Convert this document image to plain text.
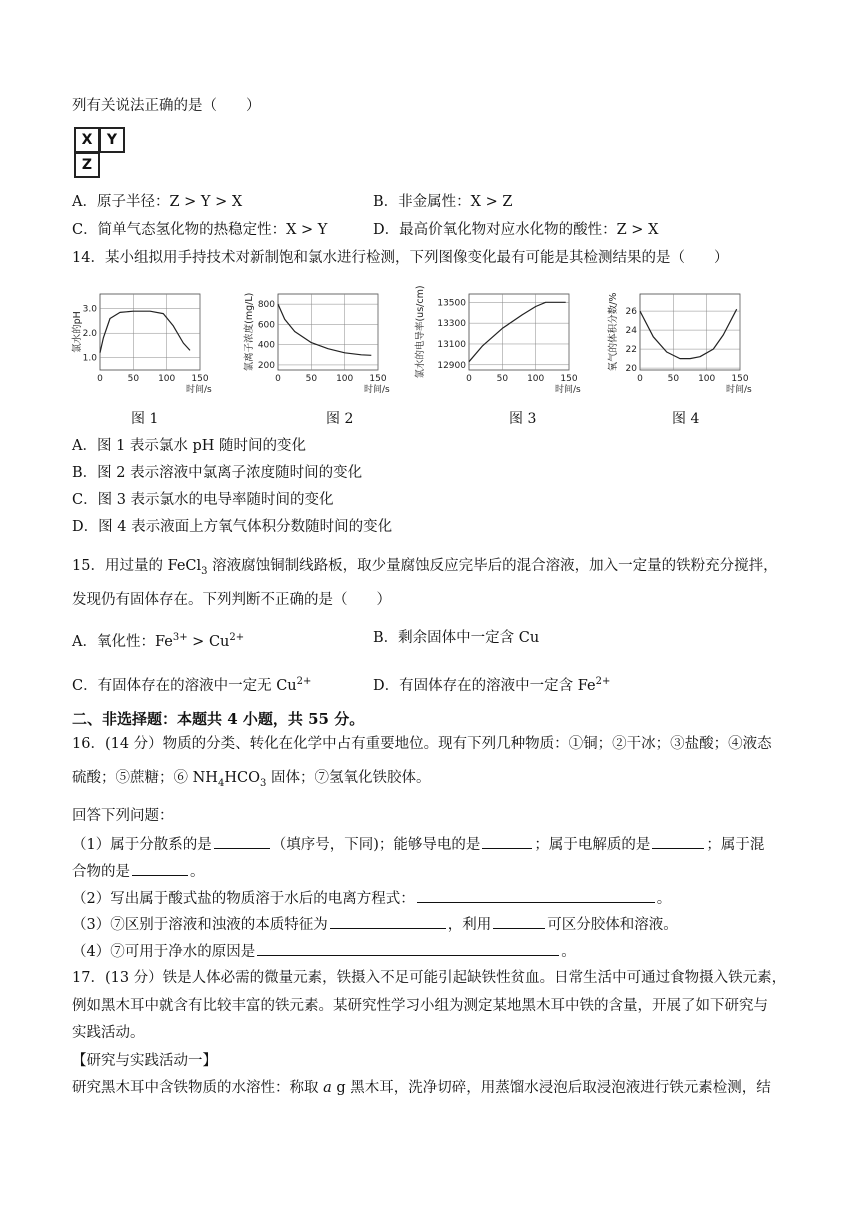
列有关说法正确的是（　　）
X	Y
Z
A．原子半径：Z > Y > X	B．非金属性：X > Z
C．简单气态氢化物的热稳定性：X > Y	D．最高价氧化物对应水化物的酸性：Z > X
14．某小组拟用手持技术对新制饱和氯水进行检测，下列图像变化最有可能是其检测结果的是（　　）
0	50 100 150
1.0
2.0
3.0
时间/s
氯水的pH
0	50 100 150
200
400
600
800
时间/s
氯离子浓度(mg/L)
0	50 100 150
12900
13100
13300
13500
时间/s
氯水的电导率(us/cm)
0	50 100 150
20
22
24
26
时间/s
氧气的体积分数/%
图 1	图 2	图 3	图 4
A．图 1 表示氯水 pH 随时间的变化
B．图 2 表示溶液中氯离子浓度随时间的变化
C．图 3 表示氯水的电导率随时间的变化
D．图 4 表示液面上方氧气体积分数随时间的变化
15．用过量的 FeCl$_3$ 溶液腐蚀铜制线路板，取少量腐蚀反应完毕后的混合溶液，加入一定量的铁粉充分搅拌，
发现仍有固体存在。下列判断不正确的是（　　）
A．氧化性：$Fe^{3+} > Cu^{2+}$	B．剩余固体中一定含 Cu
C．有固体存在的溶液中一定无 $Cu^{2+}$	D．有固体存在的溶液中一定含 $Fe^{2+}$
二、非选择题：本题共 4 小题，共 55 分。
16．(14 分）物质的分类、转化在化学中占有重要地位。现有下列几种物质：①铜；②干冰；③盐酸；④液态
硫酸；⑤蔗糖；⑥ $NH_4HCO_3$ 固体；⑦氢氧化铁胶体。
回答下列问题：
（1）属于分散系的是	（填序号，下同)；能够导电的是	；属于电解质的是	；属于混
合物的是	。
（2）写出属于酸式盐的物质溶于水后的电离方程式：	。
（3）⑦区别于溶液和浊液的本质特征为	，利用	可区分胶体和溶液。
（4）⑦可用于净水的原因是	。
17．(13 分）铁是人体必需的微量元素，铁摄入不足可能引起缺铁性贫血。日常生活中可通过食物摄入铁元素，
例如黑木耳中就含有比较丰富的铁元素。某研究性学习小组为测定某地黑木耳中铁的含量，开展了如下研究与
实践活动。
【研究与实践活动一】
研究黑木耳中含铁物质的水溶性：称取 a g 黑木耳，洗净切碎，用蒸馏水浸泡后取浸泡液进行铁元素检测，结
